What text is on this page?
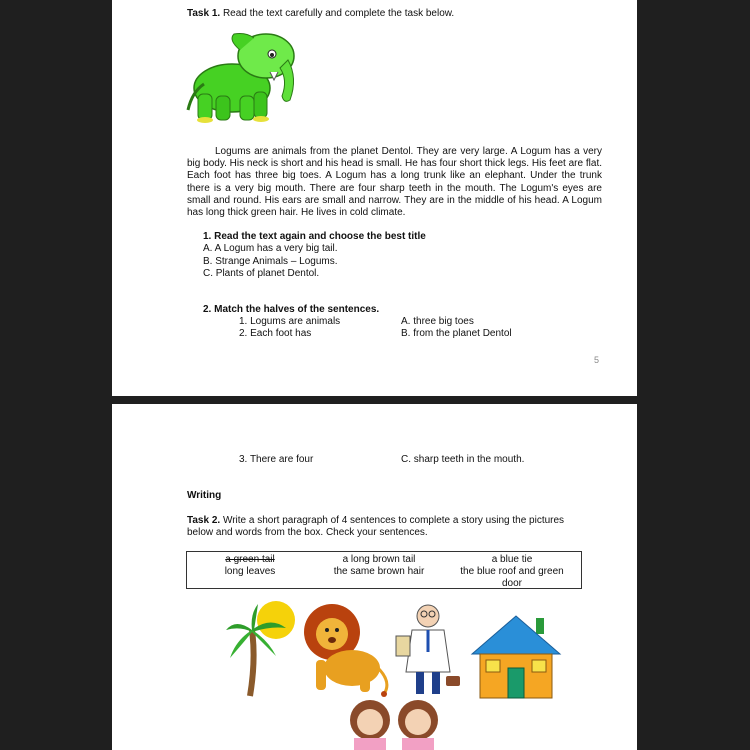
Task 1. Read the text carefully and complete the task below.
Logums are animals from the planet Dentol. They are very large. A Logum has a very big body. His neck is short and his head is small. He has four short thick legs. His feet are flat. Each foot has three big toes. A Logum has a long trunk like an elephant. Under the trunk there is a very big mouth. There are four sharp teeth in the mouth. The Logum's eyes are small and round. His ears are small and narrow. They are in the middle of his head. A Logum has long thick green hair. He lives in cold climate.
1. Read the text again and choose the best title
A. A Logum has a very big tail.
B. Strange Animals – Logums.
C. Plants of planet Dentol.
2. Match the halves of the sentences.
1. Logums are animals
2. Each foot has
A. three big toes
B. from the planet Dentol
5
3. There are four	C. sharp teeth in the mouth.
Writing
Task 2. Write a short paragraph of 4 sentences to complete a story using the pictures
below and words from the box. Check your sentences.
a green tail
long leaves
a long brown tail
the same brown hair
a blue tie
the blue roof and green
door
